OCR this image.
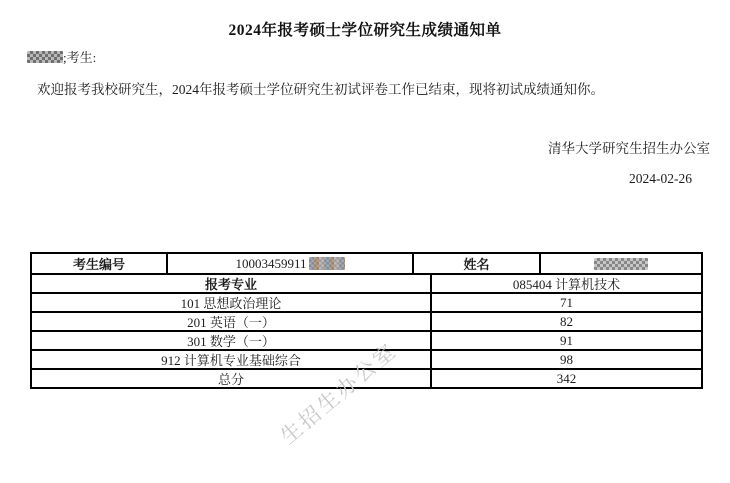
2024年报考硕士学位研究生成绩通知单
;考生:
欢迎报考我校研究生，2024年报考硕士学位研究生初试评卷工作已结束，现将初试成绩通知你。
清华大学研究生招生办公室
2024-02-26
考生编号	10003459911	姓名
报考专业	085404 计算机技术
101 思想政治理论	71
201 英语（一）	82
301 数学（一）	91
912 计算机专业基础综合	98
总分	342
生招生办公室
